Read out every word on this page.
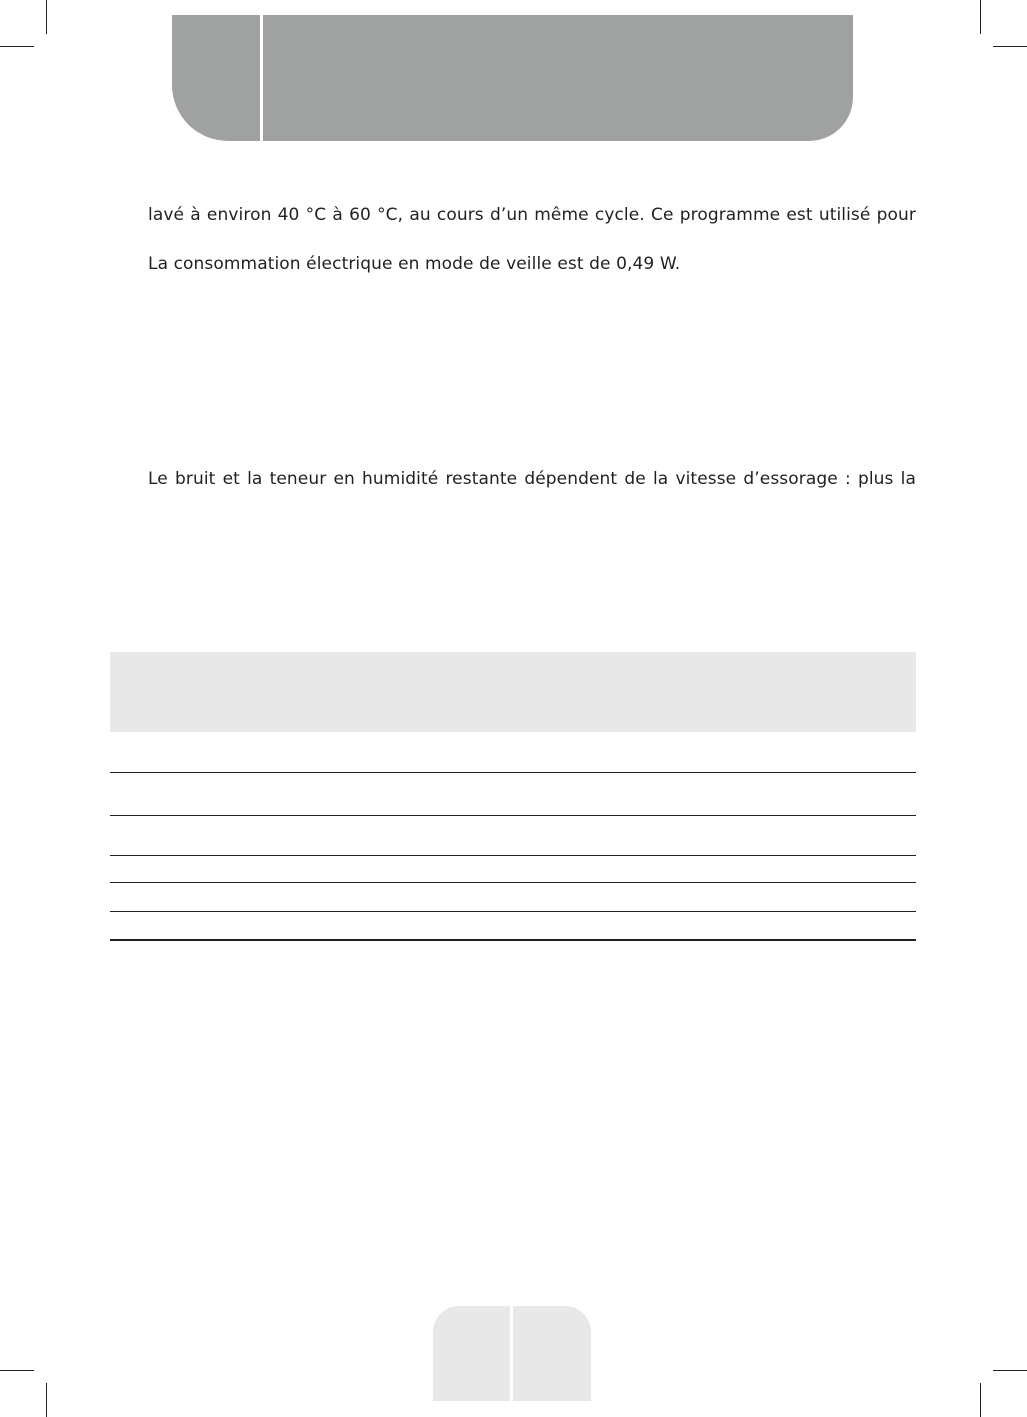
lavé à environ 40 °C à 60 °C, au cours d’un même cycle. Ce programme est utilisé pour
La consommation électrique en mode de veille est de 0,49 W.
Le bruit et la teneur en humidité restante dépendent de la vitesse d’essorage : plus la
